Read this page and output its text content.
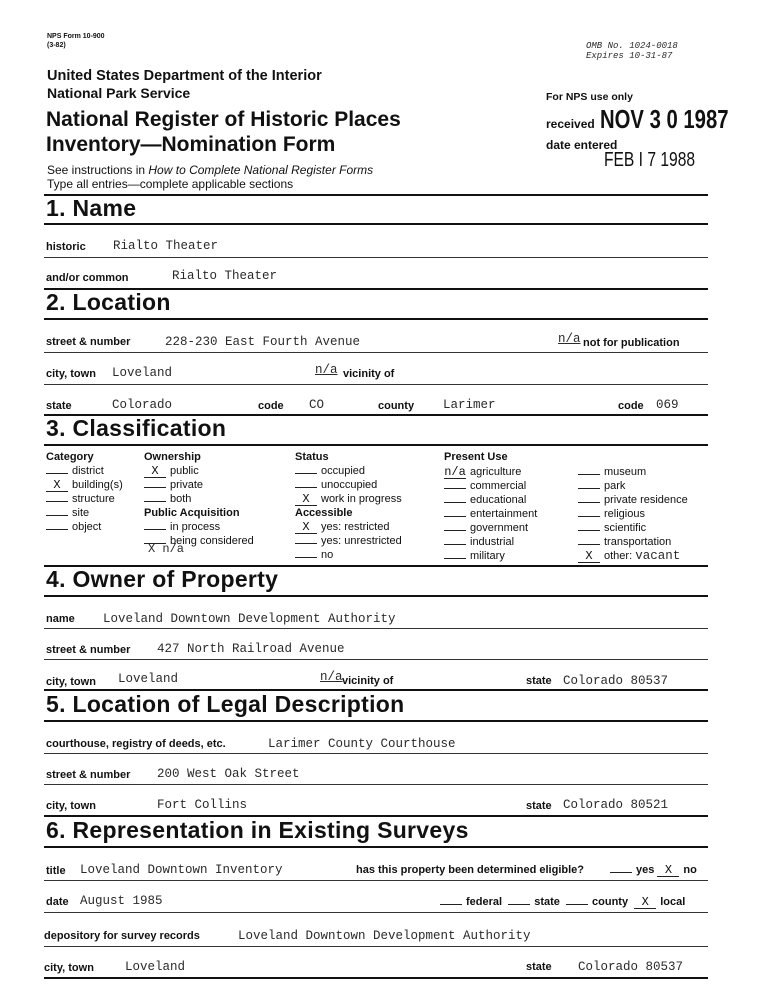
NPS Form 10-900
(3-82)	OMB No. 1024-0018
Expires 10-31-87
United States Department of the Interior
National Park Service
National Register of Historic Places
Inventory—Nomination Form
See instructions in How to Complete National Register Forms
Type all entries—complete applicable sections
For NPS use only
received NOV 3 0 1987
date entered
FEB I 7 1988
1. Name
historic Rialto Theater
and/or common	Rialto Theater
2. Location
street & number	228-230 East Fourth Avenue	n/a not for publication
city, town Loveland	n/a vicinity of
state	Colorado	code CO	county Larimer	code 069
3. Classification
Category
district
X building(s)
structure
site
object
Ownership
X public
private
both
Public Acquisition
in process
being considered
X n/a
Status
occupied
unoccupied
X work in progress
Accessible
X yes: restricted
yes: unrestricted
no
Present Use
n/a agriculture
commercial
educational
entertainment
government
industrial
military
museum
park
private residence
religious
scientific
transportation
X other: vacant
4. Owner of Property
name Loveland Downtown Development Authority
street & number 427 North Railroad Avenue
city, town Loveland	n/a vicinity of	state Colorado 80537
5. Location of Legal Description
courthouse, registry of deeds, etc.	Larimer County Courthouse
street & number 200 West Oak Street
city, town	Fort Collins	state Colorado 80521
6. Representation in Existing Surveys
title Loveland Downtown Inventory	has this property been determined eligible?	yes X no
date August 1985	federal	state	county X local
depository for survey records	Loveland Downtown Development Authority
city, town Loveland	state Colorado 80537
